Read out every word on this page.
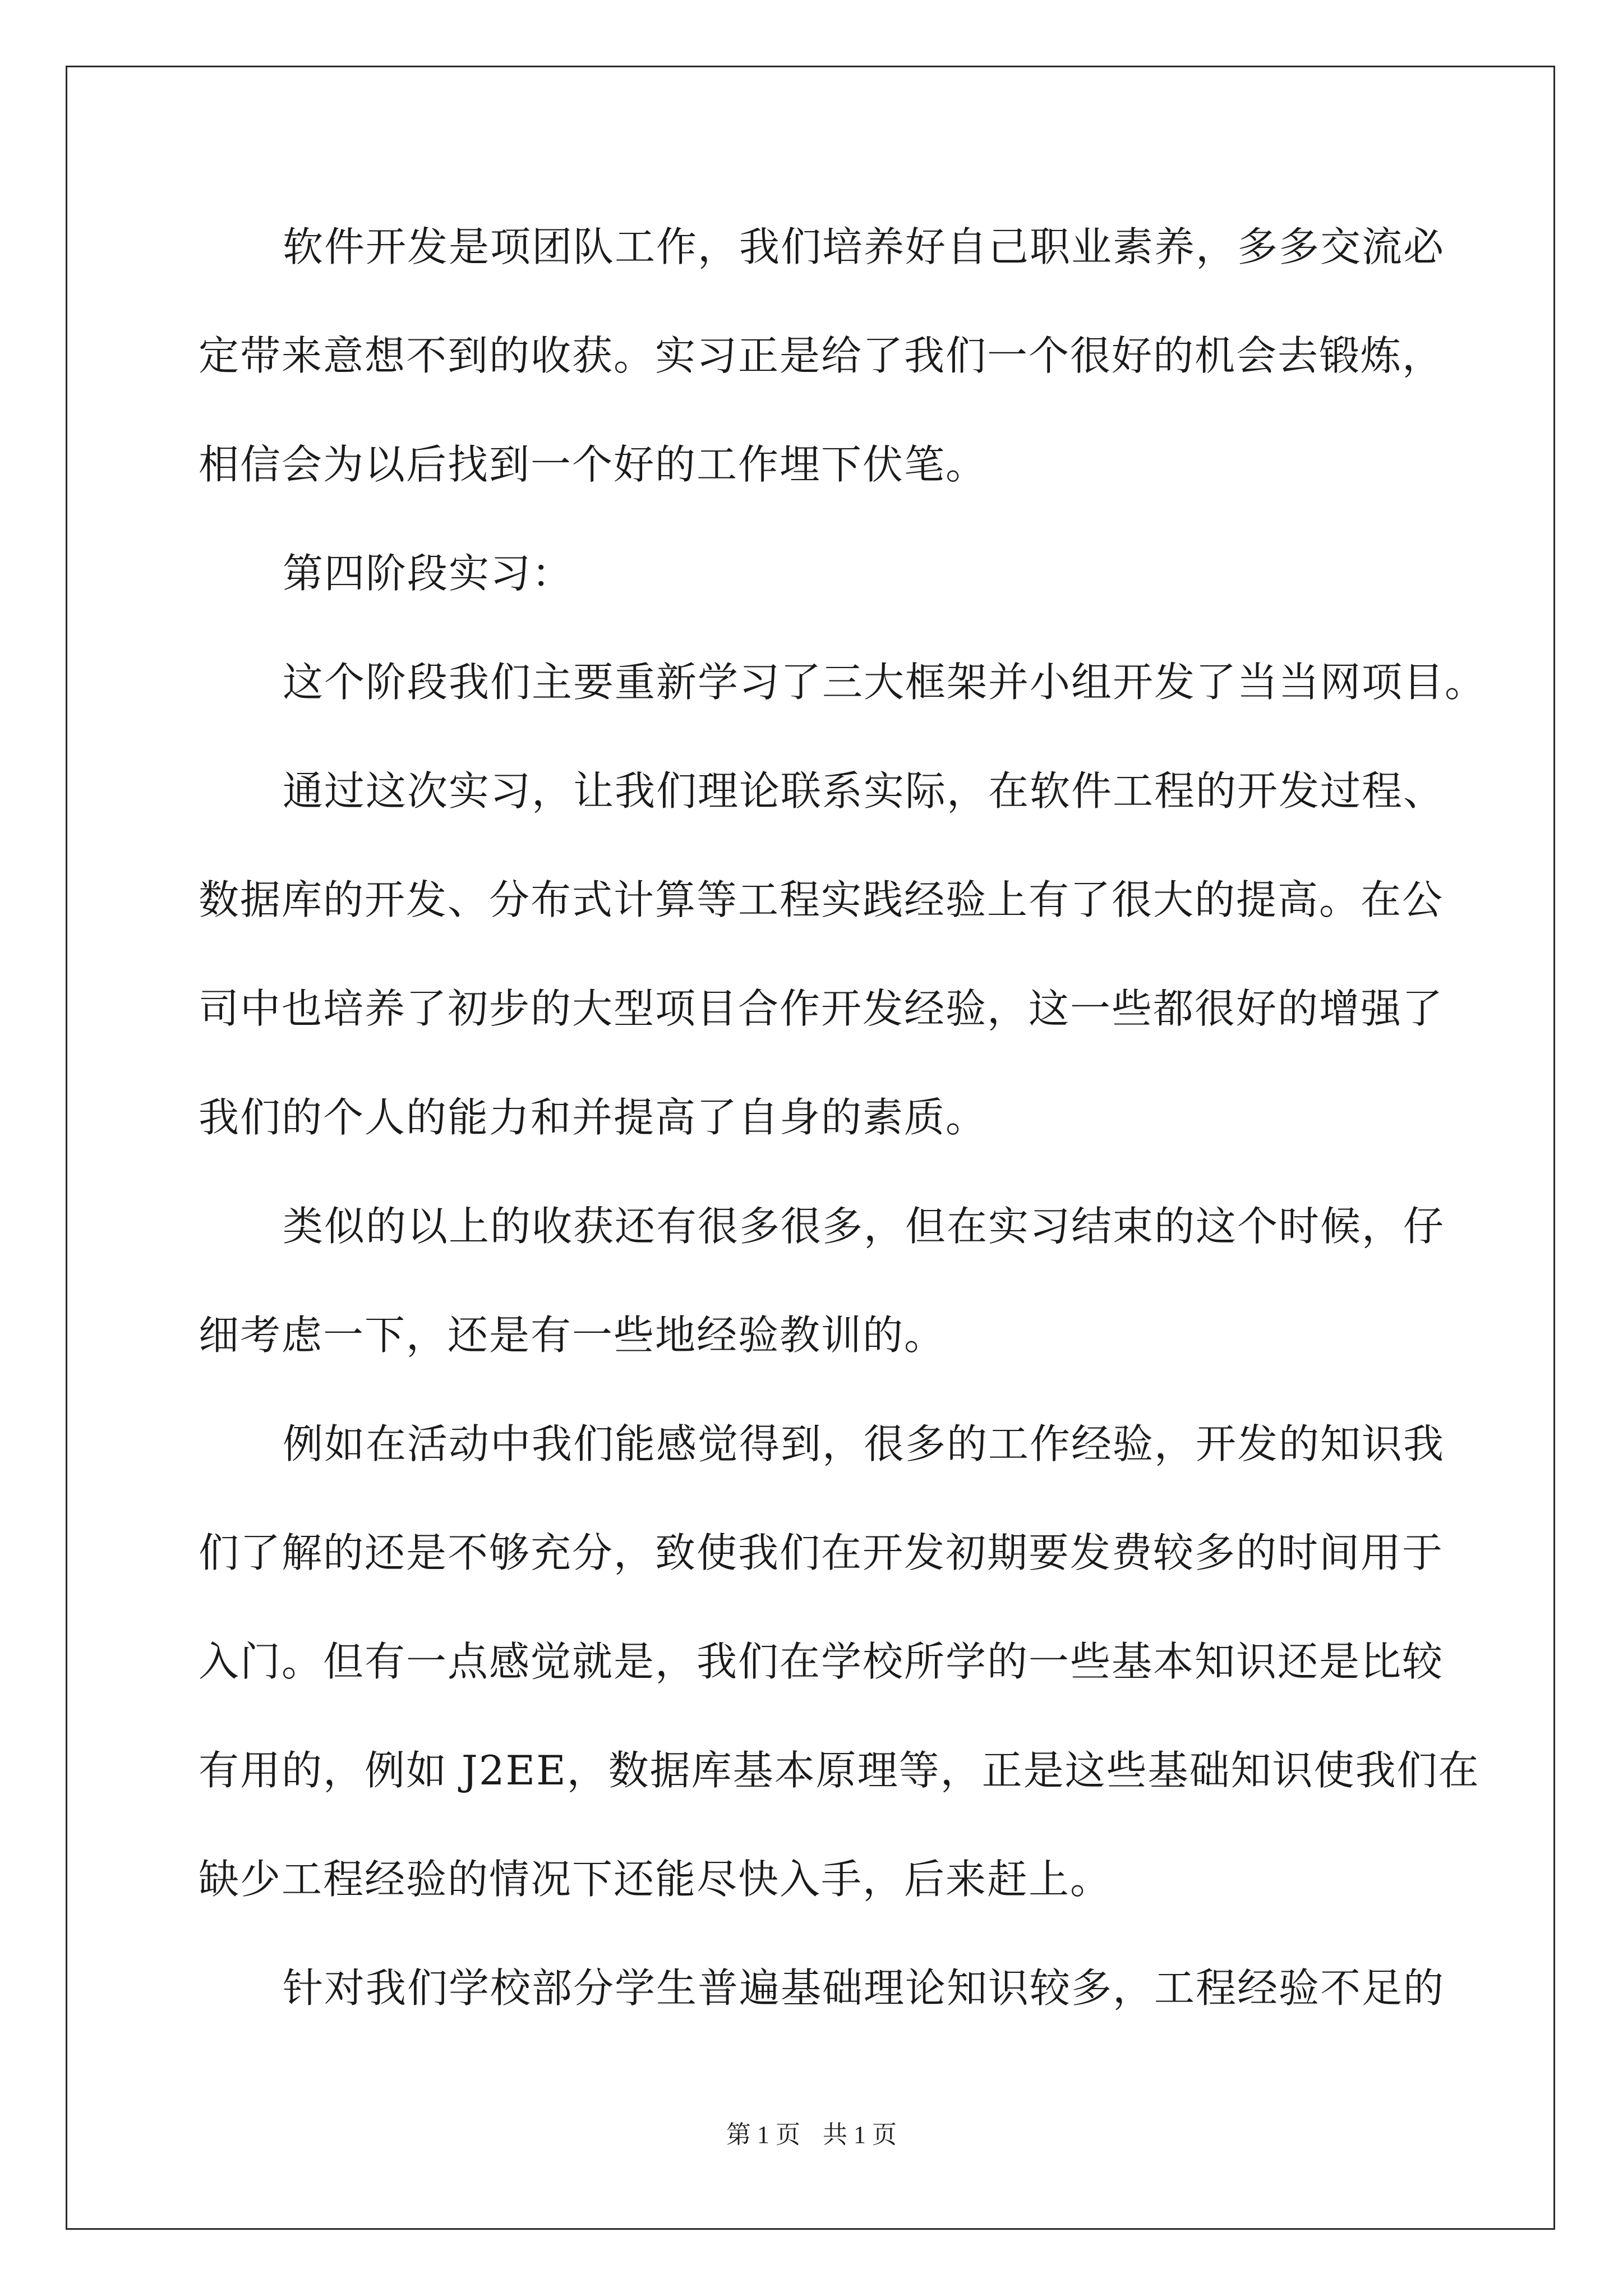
软件开发是项团队工作，我们培养好自己职业素养，多多交流必
定带来意想不到的收获。实习正是给了我们一个很好的机会去锻炼，
相信会为以后找到一个好的工作埋下伏笔。
第四阶段实习：
这个阶段我们主要重新学习了三大框架并小组开发了当当网项目。
通过这次实习，让我们理论联系实际，在软件工程的开发过程、
数据库的开发、分布式计算等工程实践经验上有了很大的提高。在公
司中也培养了初步的大型项目合作开发经验，这一些都很好的增强了
我们的个人的能力和并提高了自身的素质。
类似的以上的收获还有很多很多，但在实习结束的这个时候，仔
细考虑一下，还是有一些地经验教训的。
例如在活动中我们能感觉得到，很多的工作经验，开发的知识我
们了解的还是不够充分，致使我们在开发初期要发费较多的时间用于
入门。但有一点感觉就是，我们在学校所学的一些基本知识还是比较
有用的，例如 J2EE，数据库基本原理等，正是这些基础知识使我们在
缺少工程经验的情况下还能尽快入手，后来赶上。
针对我们学校部分学生普遍基础理论知识较多，工程经验不足的
第 1 页 共 1 页
